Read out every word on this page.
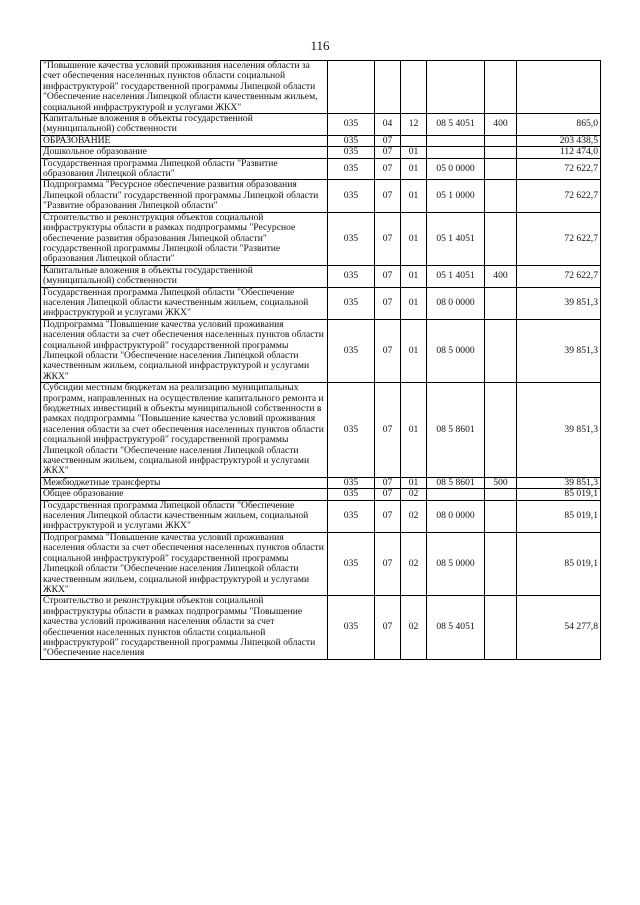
116
"Повышение качества условий проживания населения области за счет обеспечения населенных пунктов области социальной инфраструктурой" государственной программы Липецкой области "Обеспечение населения Липецкой области качественным жильем, социальной инфраструктурой и услугами ЖКХ"						
Капитальные вложения в объекты государственной (муниципальной) собственности	035	04	12	08 5 4051	400	865,0
ОБРАЗОВАНИЕ	035	07				203 438,5
Дошкольное образование	035	07	01			112 474,0
Государственная программа Липецкой области "Развитие образования Липецкой области"	035	07	01	05 0 0000		72 622,7
Подпрограмма "Ресурсное обеспечение развития образования Липецкой области" государственной программы Липецкой области "Развитие образования Липецкой области"	035	07	01	05 1 0000		72 622,7
Строительство и реконструкция объектов социальной инфраструктуры области в рамках подпрограммы "Ресурсное обеспечение развития образования Липецкой области" государственной программы Липецкой области "Развитие образования Липецкой области"	035	07	01	05 1 4051		72 622,7
Капитальные вложения в объекты государственной (муниципальной) собственности	035	07	01	05 1 4051	400	72 622,7
Государственная программа Липецкой области "Обеспечение населения Липецкой области качественным жильем, социальной инфраструктурой и услугами ЖКХ"	035	07	01	08 0 0000		39 851,3
Подпрограмма "Повышение качества условий проживания населения области за счет обеспечения населенных пунктов области социальной инфраструктурой" государственной программы Липецкой области "Обеспечение населения Липецкой области качественным жильем, социальной инфраструктурой и услугами ЖКХ"	035	07	01	08 5 0000		39 851,3
Субсидии местным бюджетам на реализацию муниципальных программ, направленных на осуществление капитального ремонта и бюджетных инвестиций в объекты муниципальной собственности в рамках подпрограммы "Повышение качества условий проживания населения области за счет обеспечения населенных пунктов области социальной инфраструктурой" государственной программы Липецкой области "Обеспечение населения Липецкой области качественным жильем, социальной инфраструктурой и услугами ЖКХ"	035	07	01	08 5 8601		39 851,3
Межбюджетные трансферты	035	07	01	08 5 8601	500	39 851,3
Общее образование	035	07	02			85 019,1
Государственная программа Липецкой области "Обеспечение населения Липецкой области качественным жильем, социальной инфраструктурой и услугами ЖКХ"	035	07	02	08 0 0000		85 019,1
Подпрограмма "Повышение качества условий проживания населения области за счет обеспечения населенных пунктов области социальной инфраструктурой" государственной программы Липецкой области "Обеспечение населения Липецкой области качественным жильем, социальной инфраструктурой и услугами ЖКХ"	035	07	02	08 5 0000		85 019,1
Строительство и реконструкция объектов социальной инфраструктуры области в рамках подпрограммы "Повышение качества условий проживания населения области за счет обеспечения населенных пунктов области социальной инфраструктурой" государственной программы Липецкой области "Обеспечение населения	035	07	02	08 5 4051		54 277,8
